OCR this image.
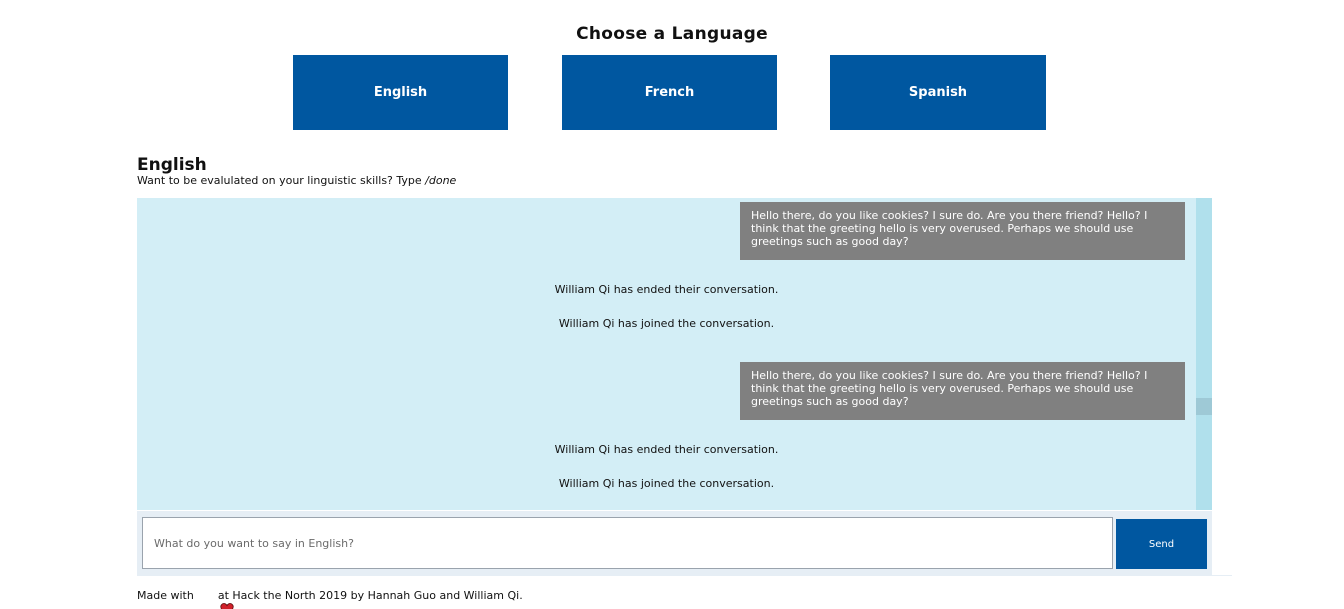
Choose a Language
English	French	Spanish
English
Want to be evalulated on your linguistic skills? Type /done
Hello there, do you like cookies? I sure do. Are you there friend? Hello? I think that the greeting hello is very overused. Perhaps we should use greetings such as good day?
William Qi has ended their conversation.
William Qi has joined the conversation.
Hello there, do you like cookies? I sure do. Are you there friend? Hello? I think that the greeting hello is very overused. Perhaps we should use greetings such as good day?
William Qi has ended their conversation.
William Qi has joined the conversation.
What do you want to say in English?
Send
Made with

at Hack the North 2019 by Hannah Guo and William Qi.
